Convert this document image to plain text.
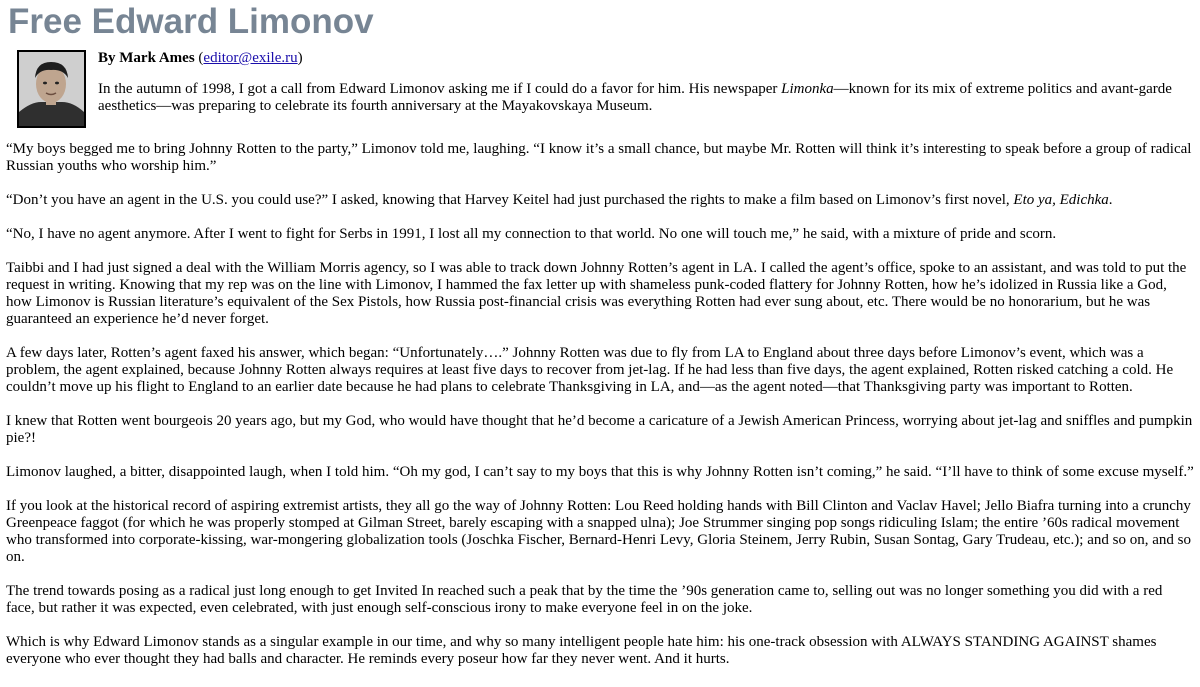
Free Edward Limonov
By Mark Ames (editor@exile.ru)

In the autumn of 1998, I got a call from Edward Limonov asking me if I could do a favor for him. His newspaper Limonka—known for its mix of extreme politics and avant-garde aesthetics—was preparing to celebrate its fourth anniversary at the Mayakovskaya Museum.

“My boys begged me to bring Johnny Rotten to the party,” Limonov told me, laughing. “I know it’s a small chance, but maybe Mr. Rotten will think it’s interesting to speak before a group of radical Russian youths who worship him.”

“Don’t you have an agent in the U.S. you could use?” I asked, knowing that Harvey Keitel had just purchased the rights to make a film based on Limonov’s first novel, Eto ya, Edichka.

“No, I have no agent anymore. After I went to fight for Serbs in 1991, I lost all my connection to that world. No one will touch me,” he said, with a mixture of pride and scorn.

Taibbi and I had just signed a deal with the William Morris agency, so I was able to track down Johnny Rotten’s agent in LA. I called the agent’s office, spoke to an assistant, and was told to put the request in writing. Knowing that my rep was on the line with Limonov, I hammed the fax letter up with shameless punk-coded flattery for Johnny Rotten, how he’s idolized in Russia like a God, how Limonov is Russian literature’s equivalent of the Sex Pistols, how Russia post-financial crisis was everything Rotten had ever sung about, etc. There would be no honorarium, but he was guaranteed an experience he’d never forget.

A few days later, Rotten’s agent faxed his answer, which began: “Unfortunately….” Johnny Rotten was due to fly from LA to England about three days before Limonov’s event, which was a problem, the agent explained, because Johnny Rotten always requires at least five days to recover from jet-lag. If he had less than five days, the agent explained, Rotten risked catching a cold. He couldn’t move up his flight to England to an earlier date because he had plans to celebrate Thanksgiving in LA, and—as the agent noted—that Thanksgiving party was important to Rotten.

I knew that Rotten went bourgeois 20 years ago, but my God, who would have thought that he’d become a caricature of a Jewish American Princess, worrying about jet-lag and sniffles and pumpkin pie?!

Limonov laughed, a bitter, disappointed laugh, when I told him. “Oh my god, I can’t say to my boys that this is why Johnny Rotten isn’t coming,” he said. “I’ll have to think of some excuse myself.”

If you look at the historical record of aspiring extremist artists, they all go the way of Johnny Rotten: Lou Reed holding hands with Bill Clinton and Vaclav Havel; Jello Biafra turning into a crunchy Greenpeace faggot (for which he was properly stomped at Gilman Street, barely escaping with a snapped ulna); Joe Strummer singing pop songs ridiculing Islam; the entire ’60s radical movement who transformed into corporate-kissing, war-mongering globalization tools (Joschka Fischer, Bernard-Henri Levy, Gloria Steinem, Jerry Rubin, Susan Sontag, Gary Trudeau, etc.); and so on, and so on.

The trend towards posing as a radical just long enough to get Invited In reached such a peak that by the time the ’90s generation came to, selling out was no longer something you did with a red face, but rather it was expected, even celebrated, with just enough self-conscious irony to make everyone feel in on the joke.

Which is why Edward Limonov stands as a singular example in our time, and why so many intelligent people hate him: his one-track obsession with ALWAYS STANDING AGAINST shames everyone who ever thought they had balls and character. He reminds every poseur how far they never went. And it hurts.
